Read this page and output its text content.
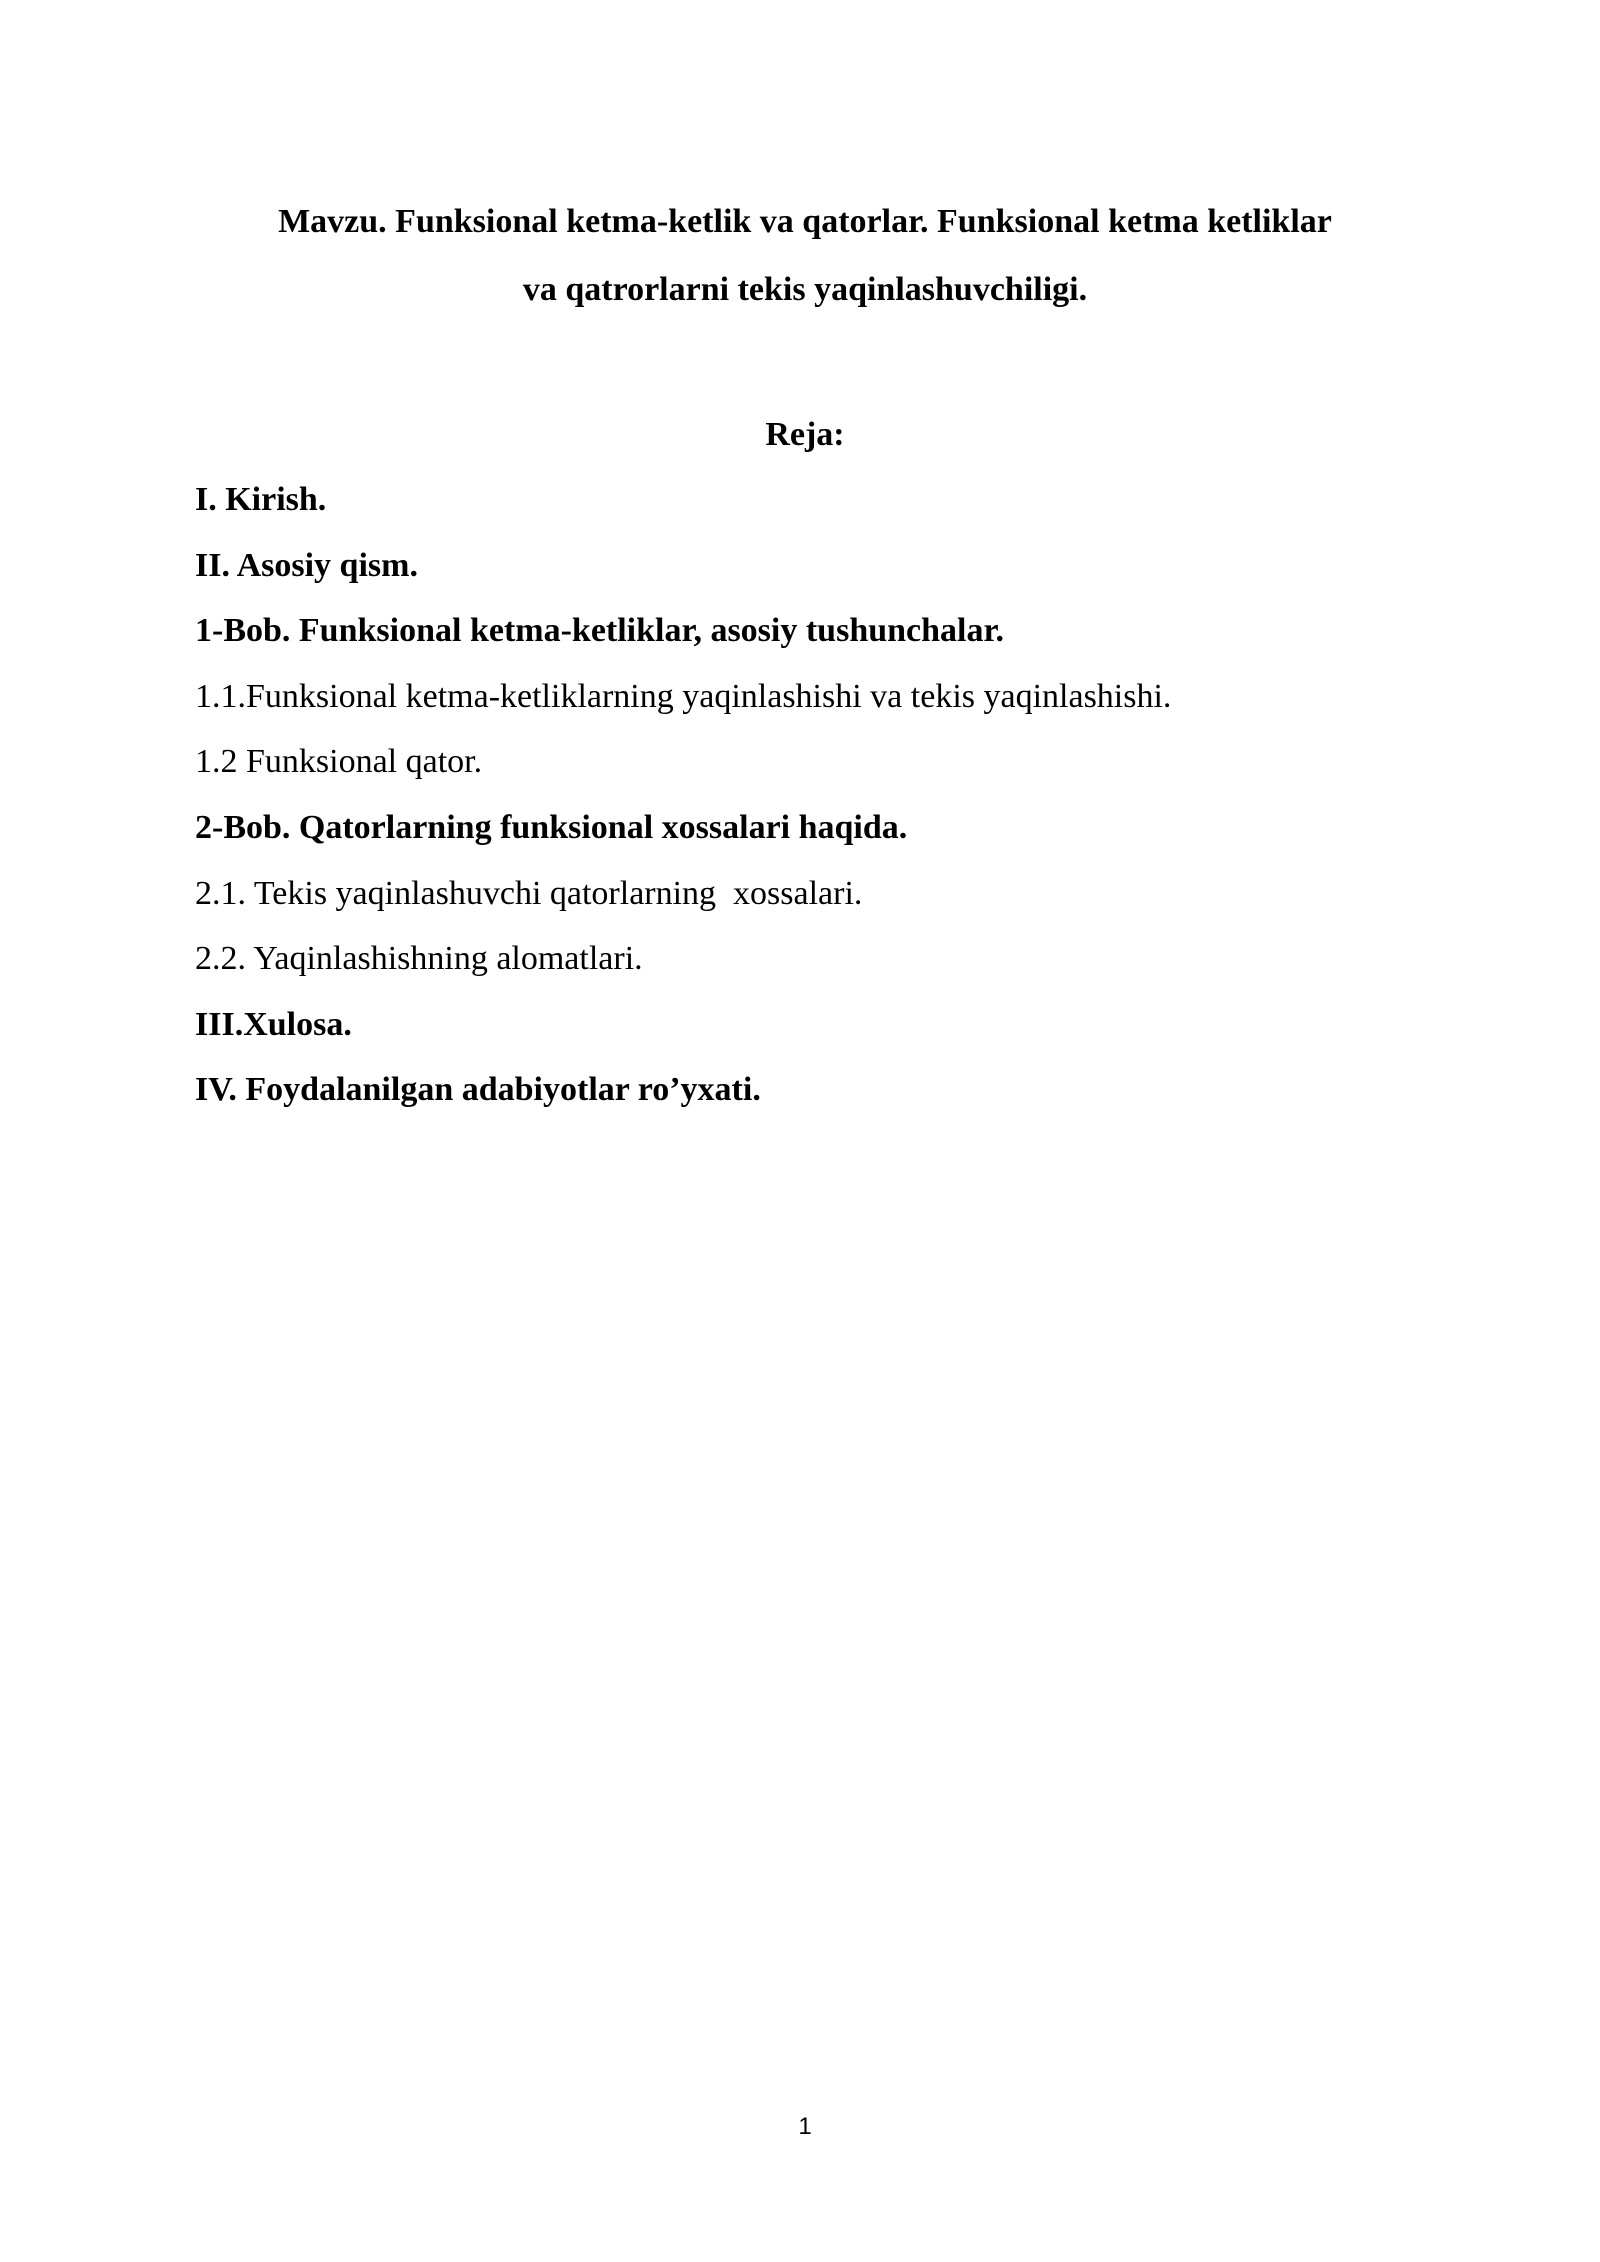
Mavzu. Funksional ketma-ketlik va qatorlar. Funksional ketma ketliklar
va qatrorlarni tekis yaqinlashuvchiligi.
Reja:
I. Kirish.
II. Asosiy qism.
1-Bob. Funksional ketma-ketliklar, asosiy tushunchalar.
1.1.Funksional ketma-ketliklarning yaqinlashishi va tekis yaqinlashishi.
1.2 Funksional qator.
2-Bob. Qatorlarning funksional xossalari haqida.
2.1. Tekis yaqinlashuvchi qatorlarning  xossalari.
2.2. Yaqinlashishning alomatlari.
III.Xulosa.
IV. Foydalanilgan adabiyotlar ro’yxati.
1
